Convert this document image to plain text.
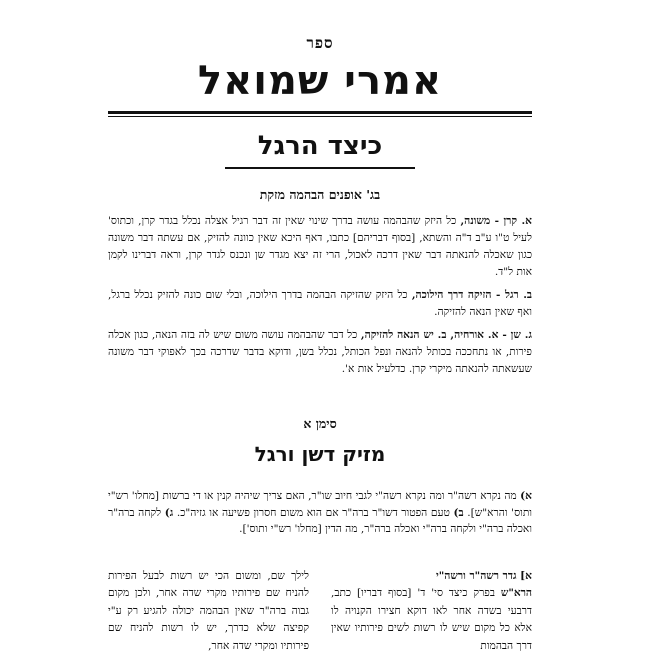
ספר
אמרי שמואל
כיצד הרגל
בג' אופנים הבהמה מזקת

א. קרן - משונה, כל היזק שהבהמה עושה בדרך שינוי שאין זה דבר רגיל אצלה נכלל בגדר קרן, וכתוס' לעיל ט"ו ע"ב ד"ה והשתא, [בסוף דבריהם] כתבו, דאף היכא שאין כוונה להזיק, אם עשתה דבר משונה כגון שאכלה להנאתה דבר שאין דרכה לאכול, הרי זה יצא מגדר שן ונכנס לגדר קרן, וראה דברינו לקמן אות ל"ד.

ב. רגל - הזיקה דרך הילוכה, כל היזק שהזיקה הבהמה בדרך הילוכה, ובלי שום כונה להזיק נכלל ברגל, ואף שאין הנאה להזיקה.

ג. שן - א. אורחיה, ב. יש הנאה להזיקה, כל דבר שהבהמה עושה משום שיש לה בזה הנאה, כגון אכלה פירות, או נתחככה בכותל להנאה ונפל הכותל, נכלל בשן, ודוקא בדבר שדרכה בכך לאפוקי דבר משונה שעשאתה להנאתה מיקרי קרן. כדלעיל אות א'.

סימן א
מזיק דשן ורגל
א) מה נקרא רשה"ר ומה נקרא רשה"י לגבי חיוב שו"ר, האם צריך שיהיה קנין או די ברשות [מחלו' רש"י ותוס' והרא"ש]. ב) טעם הפטור דשו"ר ברה"ר אם הוא משום חסרון פשיעה או גזיה"כ. ג) לקחה ברה"ר ואכלה ברה"י ולקחה ברה"י ואכלה ברה"ר, מה הדין [מחלו' רש"י ותוס'].
א] גדר רשה"ר ורשה"י
הרא"ש בפרק כיצד סי' ד' [בסוף דבריו] כתב, דרבעי בשדה אחר לאו דוקא חצירו הקנויה לו אלא כל מקום שיש לו רשות לשים פירותיו שאין דרך הבהמות
לילך שם, ומשום הכי יש רשות לבעל הפירות להניח שם פירותיו מקרי שדה אחר, ולכן מקום גבוה ברה"ר שאין הבהמה יכולה להגיע רק ע"י קפיצה שלא כדרך, יש לו רשות להניח שם פירותיו ומקרי שדה אחר,
